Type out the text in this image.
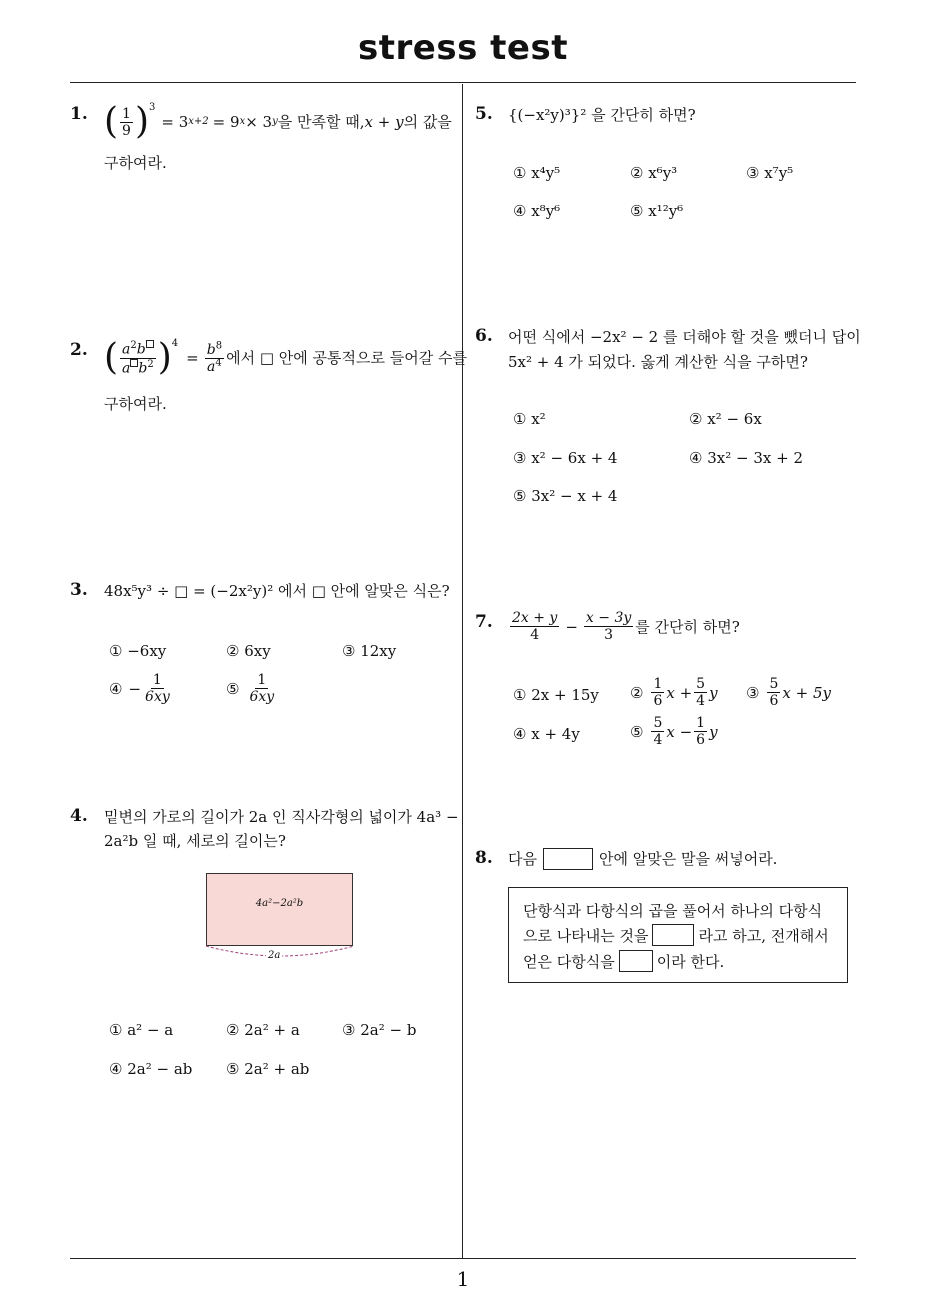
stress test
1
1. ( $\frac{1}{9} )^3$
= 3 x+2 = 9 x × 3 y 을 만족할 때, x + y 의 값을
구하여라.
2. ( $\frac{a^2b}{a b^2} )^4$
= $\frac{b^8}{a^4}$ 에서 □ 안에 공통적으로 들어갈 수를
구하여라.
3. 48x⁵y³ ÷ □ = (−2x²y)² 에서 □ 안에 알맞은 식은?
① −6xy	② 6xy	③ 12xy
④ − $\frac{1}{6xy}$	⑤ $\frac{1}{6xy}$
4. 밑변의 가로의 길이가 2a 인 직사각형의 넓이가 4a³ −
2a²b 일 때, 세로의 길이는?
4a²−2a²b
2a
① a² − a	② 2a² + a	③ 2a² − b
④ 2a² − ab ⑤ 2a² + ab
5. {(−x²y)³}² 을 간단히 하면?
① x⁴y⁵	② x⁶y³	③ x⁷y⁵
④ x⁸y⁶	⑤ x¹²y⁶
6. 어떤 식에서 −2x² − 2 를 더해야 할 것을 뺐더니 답이
5x² + 4 가 되었다. 옳게 계산한 식을 구하면?
① x²	② x² − 6x
③ x² − 6x + 4	④ 3x² − 3x + 2
⑤ 3x² − x + 4
7. $\frac{2x + y}{4} - \frac{x - 3y}{3}$ 를 간단히 하면?
① 2x + 15y ② $\frac{1}{6}$ $x + \frac{5}{4}$ y ③ $\frac{5}{6}$ x + 5y
④ x + 4y	⑤ $\frac{5}{4}$ $x - \frac{1}{6}$ y
8. 다음	안에 알맞은 말을 써넣어라.
단항식과 다항식의 곱을 풀어서 하나의 다항식
으로 나타내는 것을	라고 하고, 전개해서
얻은 다항식을	이라 한다.
